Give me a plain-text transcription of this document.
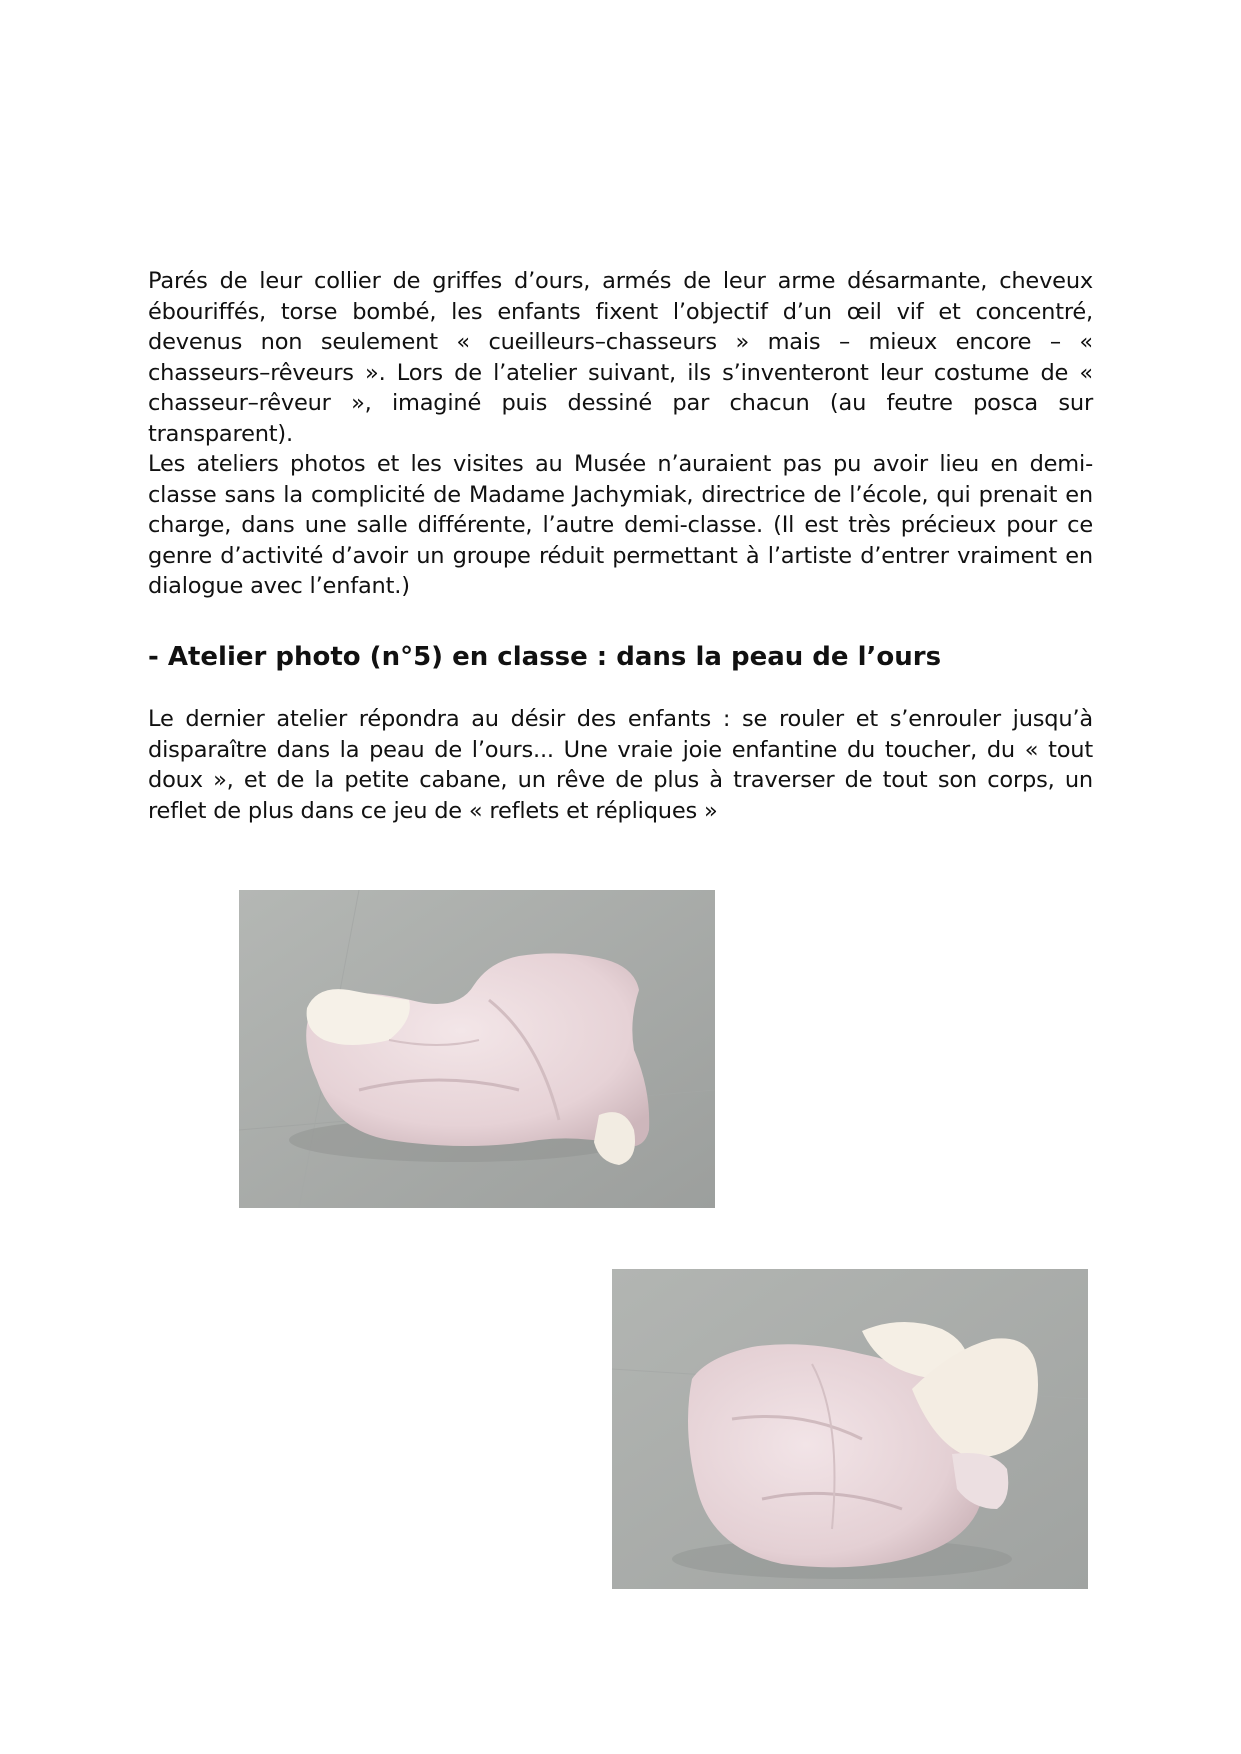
Parés de leur collier de griffes d’ours, armés de leur arme désarmante, cheveux ébouriffés, torse bombé, les enfants fixent l’objectif d’un œil vif et concentré, devenus non seulement « cueilleurs–chasseurs » mais – mieux encore – « chasseurs–rêveurs ». Lors de l’atelier suivant, ils s’inventeront leur costume de « chasseur–rêveur », imaginé puis dessiné par chacun (au feutre posca sur transparent).

Les ateliers photos et les visites au Musée n’auraient pas pu avoir lieu en demi-classe sans la complicité de Madame Jachymiak, directrice de l’école, qui prenait en charge, dans une salle différente, l’autre demi-classe. (Il est très précieux pour ce genre d’activité d’avoir un groupe réduit permettant à l’artiste d’entrer vraiment en dialogue avec l’enfant.)

- Atelier photo (n°5) en classe : dans la peau de l’ours

Le dernier atelier répondra au désir des enfants : se rouler et s’enrouler jusqu’à disparaître dans la peau de l’ours... Une vraie joie enfantine du toucher, du « tout doux », et de la petite cabane, un rêve de plus à traverser de tout son corps, un reflet de plus dans ce jeu de « reflets et répliques »
